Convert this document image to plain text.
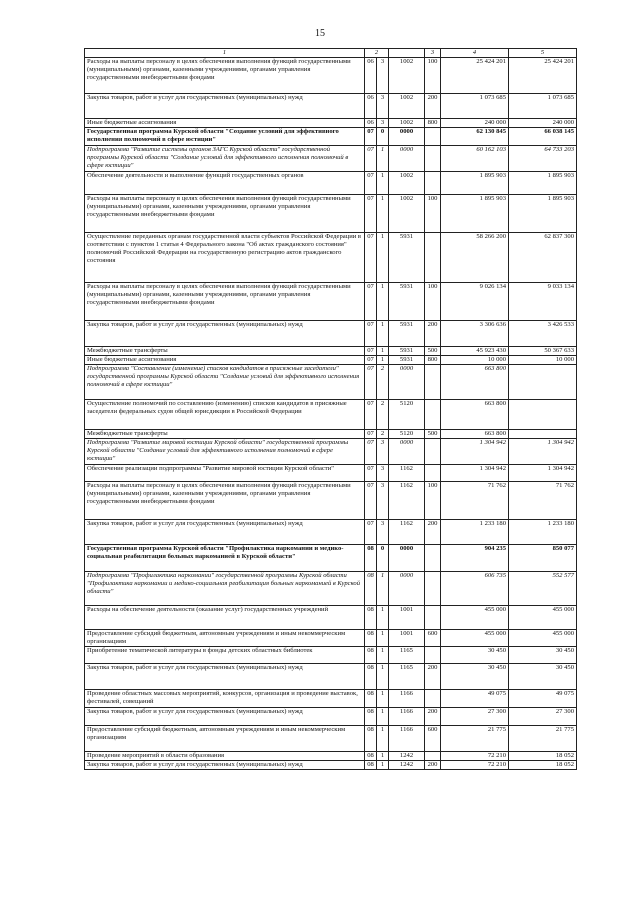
15
1	2			3	4	5
Расходы на выплаты персоналу в целях обеспечения выполнения функций государственными (муниципальными) органами, казенными учреждениями, органами управления государственными внебюджетными фондами	06	3	1002	100	25 424 201	25 424 201
Закупка товаров, работ и услуг для государственных (муниципальных) нужд	06	3	1002	200	1 073 685	1 073 685
Иные бюджетные ассигнования	06	3	1002	800	240 000	240 000
Государственная программа Курской области "Создание условий для эффективного исполнения полномочий в сфере юстиции"	07	0	0000		62 130 845	66 038 145
Подпрограмма "Развитие системы органов ЗАГС Курской области" государственной программы Курской области "Создание условий для эффективного исполнения полномочий в сфере юстиции"	07	1	0000		60 162 103	64 733 203
Обеспечение деятельности и выполнение функций государственных органов	07	1	1002		1 895 903	1 895 903
Расходы на выплаты персоналу в целях обеспечения выполнения функций государственными (муниципальными) органами, казенными учреждениями, органами управления государственными внебюджетными фондами	07	1	1002	100	1 895 903	1 895 903
Осуществление переданных органам государственной власти субъектов Российской Федерации в соответствии с пунктом 1 статьи 4 Федерального закона "Об актах гражданского состояния" полномочий Российской Федерации на государственную регистрацию актов гражданского состояния	07	1	5931		58 266 200	62 837 300
Расходы на выплаты персоналу в целях обеспечения выполнения функций государственными (муниципальными) органами, казенными учреждениями, органами управления государственными внебюджетными фондами	07	1	5931	100	9 026 134	9 033 134
Закупка товаров, работ и услуг для государственных (муниципальных) нужд	07	1	5931	200	3 306 636	3 426 533
Межбюджетные трансферты	07	1	5931	500	45 923 430	50 367 633
Иные бюджетные ассигнования	07	1	5931	800	10 000	10 000
Подпрограмма "Составление (изменение) списков кандидатов в присяжные заседатели" государственной программы Курской области "Создание условий для эффективного исполнения полномочий в сфере юстиции"	07	2	0000		663 800	
Осуществление полномочий по составлению (изменению) списков кандидатов в присяжные заседатели федеральных судов общей юрисдикции в Российской Федерации	07	2	5120		663 800	
Межбюджетные трансферты	07	2	5120	500	663 800	
Подпрограмма "Развитие мировой юстиции Курской области" государственной программы Курской области "Создание условий для эффективного исполнения полномочий в сфере юстиции"	07	3	0000		1 304 942	1 304 942
Обеспечение реализации подпрограммы "Развитие мировой юстиции Курской области"	07	3	1162		1 304 942	1 304 942
Расходы на выплаты персоналу в целях обеспечения выполнения функций государственными (муниципальными) органами, казенными учреждениями, органами управления государственными внебюджетными фондами	07	3	1162	100	71 762	71 762
Закупка товаров, работ и услуг для государственных (муниципальных) нужд	07	3	1162	200	1 233 180	1 233 180
Государственная программа Курской области "Профилактика наркомании и медико-социальная реабилитация больных наркоманией в Курской области"	08	0	0000		904 235	850 077
Подпрограмма "Профилактика наркомании" государственной программы Курской области "Профилактика наркомании и медико-социальная реабилитация больных наркоманией в Курской области"	08	1	0000		606 735	552 577
Расходы на обеспечение деятельности (оказание услуг) государственных учреждений	08	1	1001		455 000	455 000
Предоставление субсидий бюджетным, автономным учреждениям и иным некоммерческим организациям	08	1	1001	600	455 000	455 000
Приобретение тематической литературы в фонды детских областных библиотек	08	1	1165		30 450	30 450
Закупка товаров, работ и услуг для государственных (муниципальных) нужд	08	1	1165	200	30 450	30 450
Проведение областных массовых мероприятий, конкурсов, организация и проведение выставок, фестивалей, совещаний	08	1	1166		49 075	49 075
Закупка товаров, работ и услуг для государственных (муниципальных) нужд	08	1	1166	200	27 300	27 300
Предоставление субсидий бюджетным, автономным учреждениям и иным некоммерческим организациям	08	1	1166	600	21 775	21 775
Проведение мероприятий в области образования	08	1	1242		72 210	18 052
Закупка товаров, работ и услуг для государственных (муниципальных) нужд	08	1	1242	200	72 210	18 052
